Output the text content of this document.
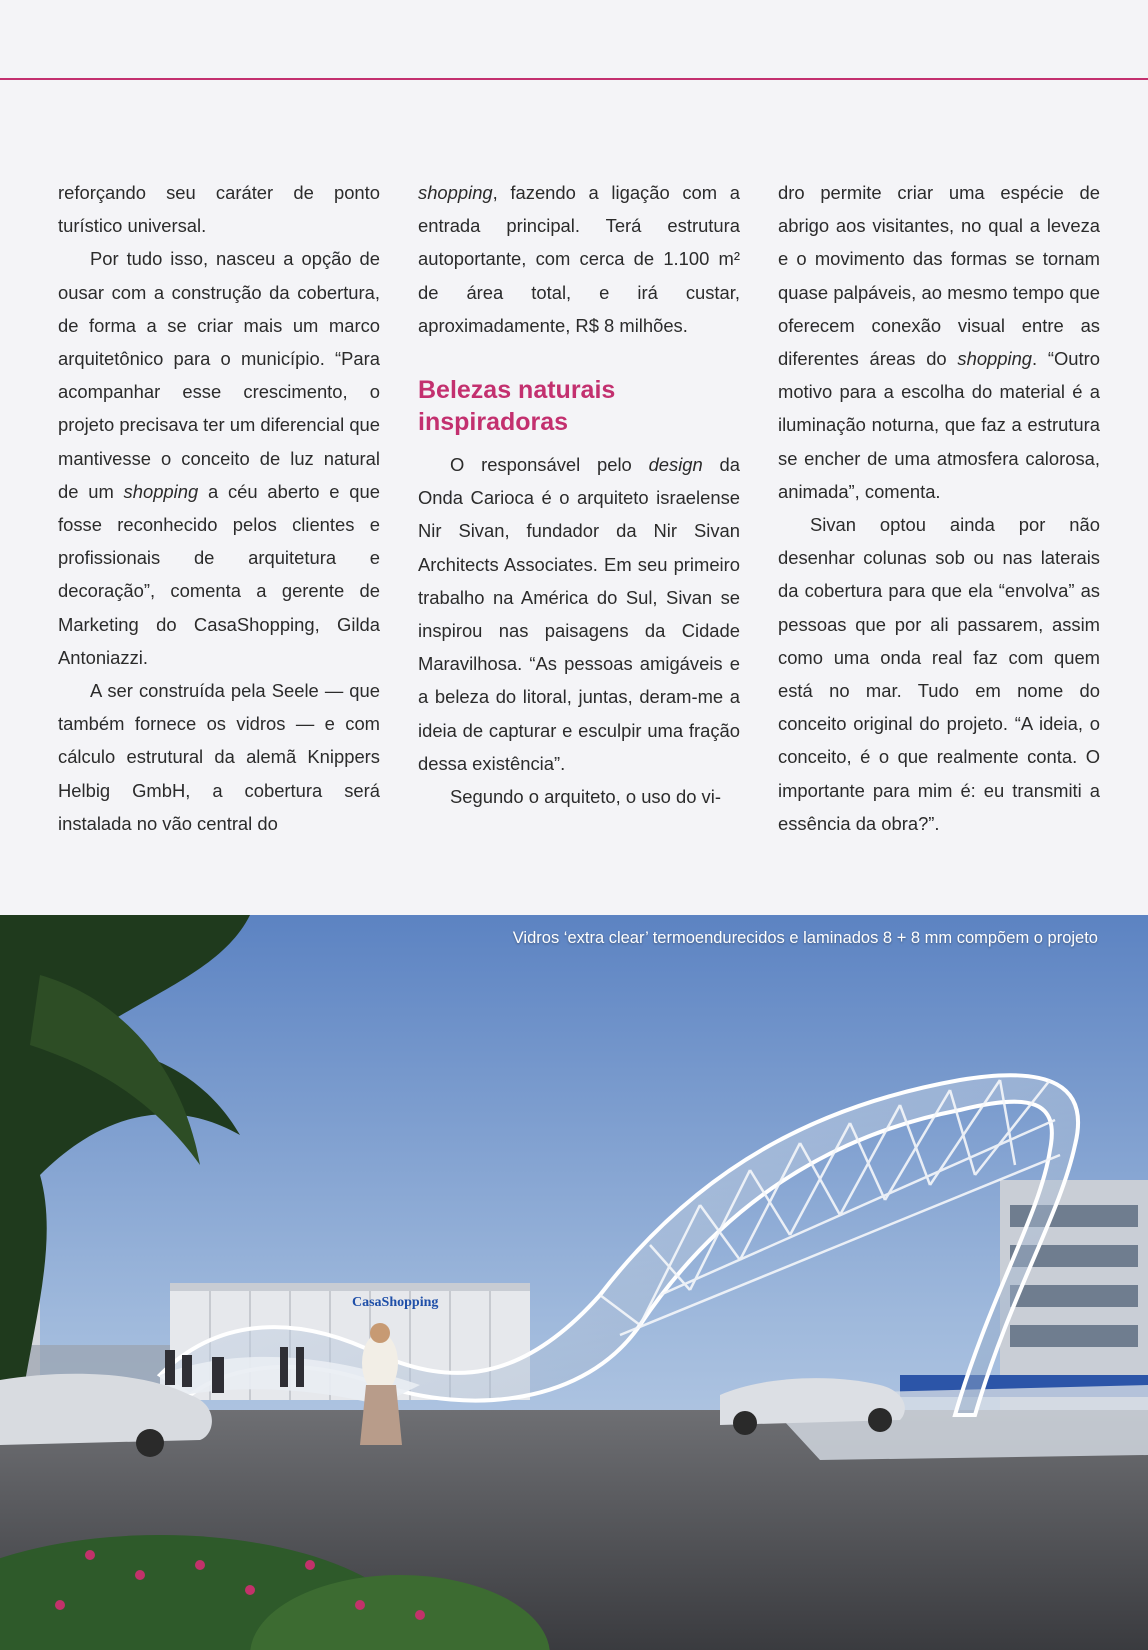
reforçando seu caráter de ponto turístico universal.

Por tudo isso, nasceu a opção de ousar com a construção da cobertura, de forma a se criar mais um marco arquitetônico para o município. “Para acompanhar esse crescimento, o projeto precisava ter um diferencial que mantivesse o conceito de luz natural de um shopping a céu aberto e que fosse reconhecido pelos clientes e profissionais de arquitetura e decoração”, comenta a gerente de Marketing do CasaShopping, Gilda Antoniazzi.

A ser construída pela Seele — que também fornece os vidros — e com cálculo estrutural da alemã Knippers Helbig GmbH, a cobertura será instalada no vão central do

shopping, fazendo a ligação com a entrada principal. Terá estrutura autoportante, com cerca de 1.100 m² de área total, e irá custar, aproximadamente, R$ 8 milhões.

Belezas naturais inspiradoras

O responsável pelo design da Onda Carioca é o arquiteto israelense Nir Sivan, fundador da Nir Sivan Architects Associates. Em seu primeiro trabalho na América do Sul, Sivan se inspirou nas paisagens da Cidade Maravilhosa. “As pessoas amigáveis e a beleza do litoral, juntas, deram-me a ideia de capturar e esculpir uma fração dessa existência”.

Segundo o arquiteto, o uso do vi-

dro permite criar uma espécie de abrigo aos visitantes, no qual a leveza e o movimento das formas se tornam quase palpáveis, ao mesmo tempo que oferecem conexão visual entre as diferentes áreas do shopping. “Outro motivo para a escolha do material é a iluminação noturna, que faz a estrutura se encher de uma atmosfera calorosa, animada”, comenta.

Sivan optou ainda por não desenhar colunas sob ou nas laterais da cobertura para que ela “envolva” as pessoas que por ali passarem, assim como uma onda real faz com quem está no mar. Tudo em nome do conceito original do projeto. “A ideia, o conceito, é o que realmente conta. O importante para mim é: eu transmiti a essência da obra?”.

CasaShopping
Vidros ‘extra clear’ termoendurecidos e laminados 8 + 8 mm compõem o projeto
